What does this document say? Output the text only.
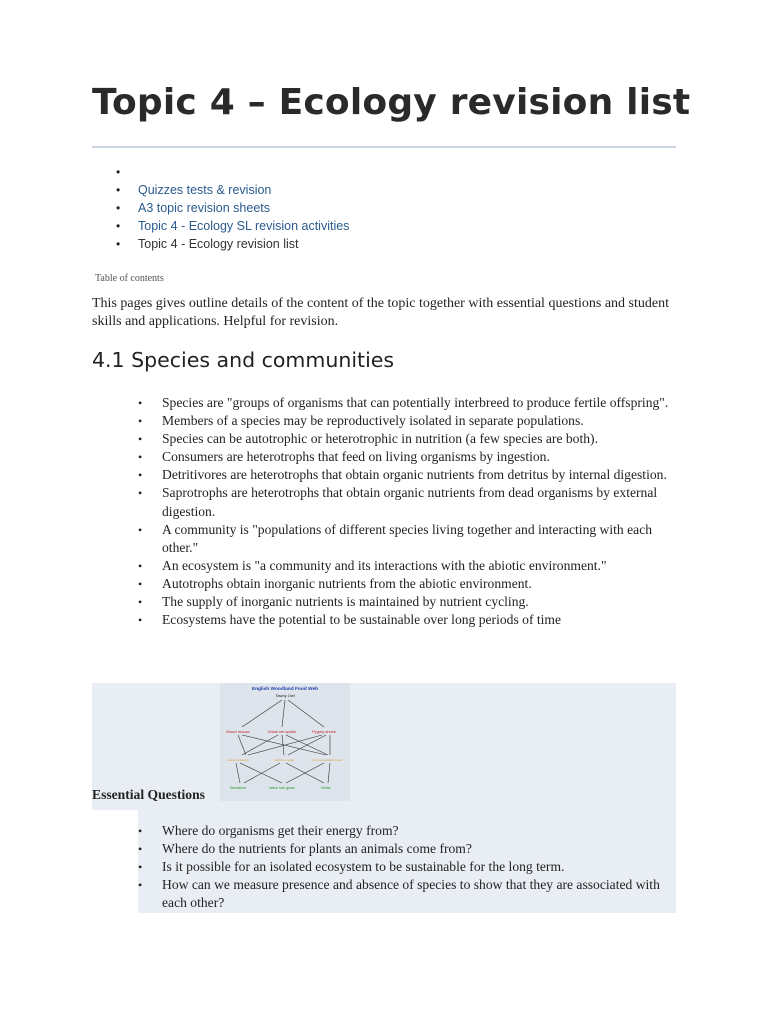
Topic 4 – Ecology revision list
•
• Quizzes tests & revision
• A3 topic revision sheets
• Topic 4 - Ecology SL revision activities
• Topic 4 - Ecology revision list
Table of contents

This pages gives outline details of the content of the topic together with essential questions and student skills and applications. Helpful for revision.

4.1 Species and communities
• Species are "groups of organisms that can potentially interbreed to produce fertile offspring".
• Members of a species may be reproductively isolated in separate populations.
• Species can be autotrophic or heterotrophic in nutrition (a few species are both).
• Consumers are heterotrophs that feed on living organisms by ingestion.
• Detritivores are heterotrophs that obtain organic nutrients from detritus by internal digestion.
• Saprotrophs are heterotrophs that obtain organic nutrients from dead organisms by external digestion.
• A community is "populations of different species living together and interacting with each other."
• An ecosystem is "a community and its interactions with the abiotic environment."
• Autotrophs obtain inorganic nutrients from the abiotic environment.
• The supply of inorganic nutrients is maintained by nutrient cycling.
• Ecosystems have the potential to be sustainable over long periods of time
English Woodland Food Web
Tawny Owl
Wood mouse	Great orb spider	Pygmy shrew
Hazelnut (seed)	Aphid on nettle	Common garden insect
Dandelion	Wave hair grass	Nettle
Essential Questions
• Where do organisms get their energy from?
• Where do the nutrients for plants an animals come from?
• Is it possible for an isolated ecosystem to be sustainable for the long term.
• How can we measure presence and absence of species to show that they are associated with each other?
